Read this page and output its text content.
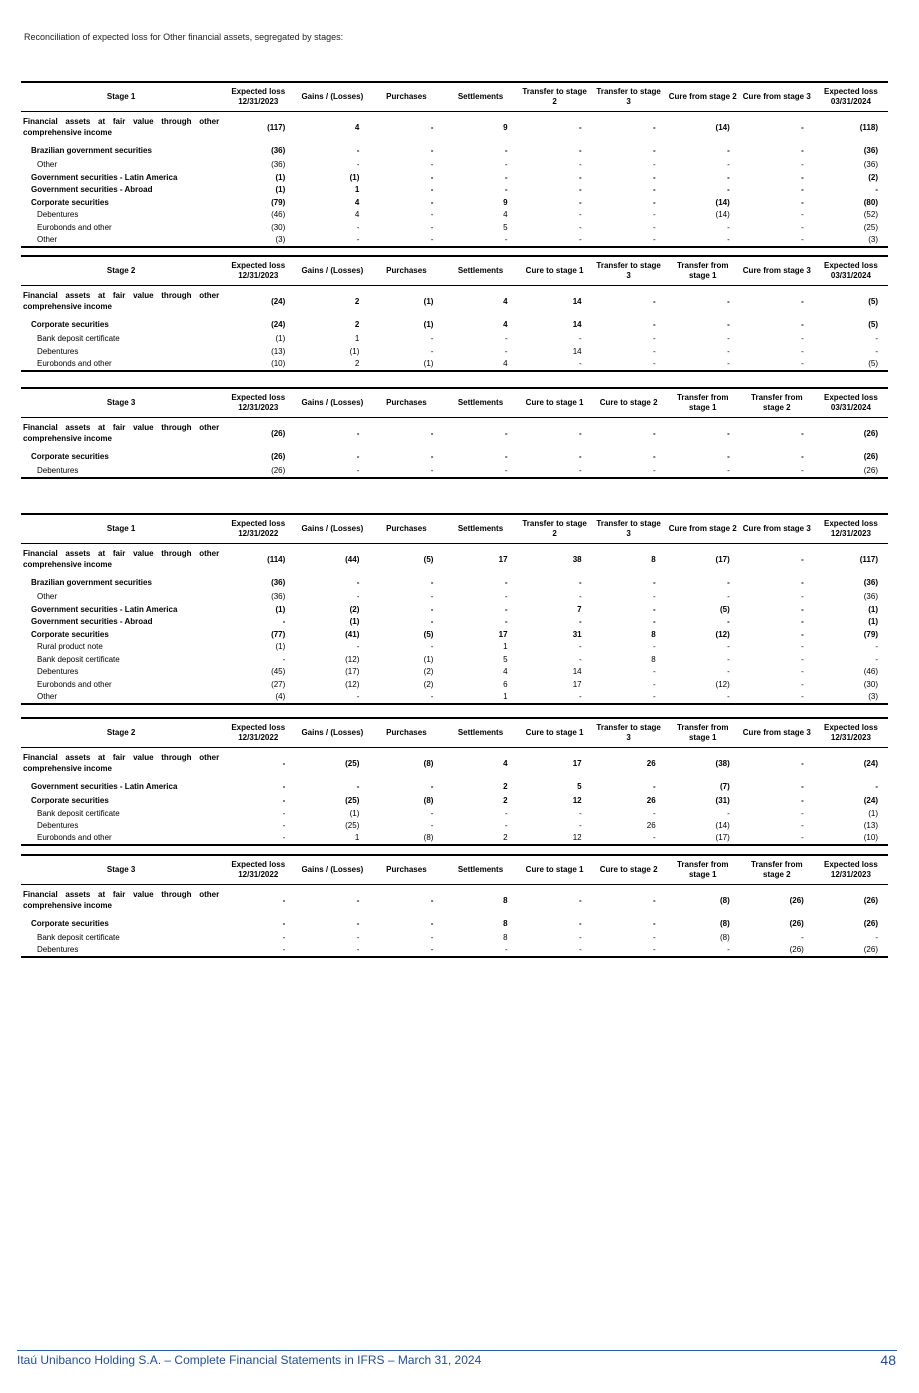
Reconciliation of expected loss for Other financial assets, segregated by stages:
Stage 1	Expected loss 12/31/2023	Gains / (Losses)	Purchases	Settlements	Transfer to stage 2	Transfer to stage 3	Cure from stage 2	Cure from stage 3	Expected loss 03/31/2024
Financial assets at fair value through other comprehensive income	(117)	4	-	9	-	-	(14)	-	(118)
Brazilian government securities	(36)	-	-	-	-	-	-	-	(36)
Other	(36)	-	-	-	-	-	-	-	(36)
Government securities - Latin America	(1)	(1)	-	-	-	-	-	-	(2)
Government securities - Abroad	(1)	1	-	-	-	-	-	-	-
Corporate securities	(79)	4	-	9	-	-	(14)	-	(80)
Debentures	(46)	4	-	4	-	-	(14)	-	(52)
Eurobonds and other	(30)	-	-	5	-	-	-	-	(25)
Other	(3)	-	-	-	-	-	-	-	(3)
Stage 2	Expected loss 12/31/2023	Gains / (Losses)	Purchases	Settlements	Cure to stage 1	Transfer to stage 3	Transfer from stage 1	Cure from stage 3	Expected loss 03/31/2024
Financial assets at fair value through other comprehensive income	(24)	2	(1)	4	14	-	-	-	(5)
Corporate securities	(24)	2	(1)	4	14	-	-	-	(5)
Bank deposit certificate	(1)	1	-	-	-	-	-	-	-
Debentures	(13)	(1)	-	-	14	-	-	-	-
Eurobonds and other	(10)	2	(1)	4	-	-	-	-	(5)
Stage 3	Expected loss 12/31/2023	Gains / (Losses)	Purchases	Settlements	Cure to stage 1	Cure to stage 2	Transfer from stage 1	Transfer from stage 2	Expected loss 03/31/2024
Financial assets at fair value through other comprehensive income	(26)	-	-	-	-	-	-	-	(26)
Corporate securities	(26)	-	-	-	-	-	-	-	(26)
Debentures	(26)	-	-	-	-	-	-	-	(26)
Stage 1	Expected loss 12/31/2022	Gains / (Losses)	Purchases	Settlements	Transfer to stage 2	Transfer to stage 3	Cure from stage 2	Cure from stage 3	Expected loss 12/31/2023
Financial assets at fair value through other comprehensive income	(114)	(44)	(5)	17	38	8	(17)	-	(117)
Brazilian government securities	(36)	-	-	-	-	-	-	-	(36)
Other	(36)	-	-	-	-	-	-	-	(36)
Government securities - Latin America	(1)	(2)	-	-	7	-	(5)	-	(1)
Government securities - Abroad	-	(1)	-	-	-	-	-	-	(1)
Corporate securities	(77)	(41)	(5)	17	31	8	(12)	-	(79)
Rural product note	(1)	-	-	1	-	-	-	-	-
Bank deposit certificate	-	(12)	(1)	5	-	8	-	-	-
Debentures	(45)	(17)	(2)	4	14	-	-	-	(46)
Eurobonds and other	(27)	(12)	(2)	6	17	-	(12)	-	(30)
Other	(4)	-	-	1	-	-	-	-	(3)
Stage 2	Expected loss 12/31/2022	Gains / (Losses)	Purchases	Settlements	Cure to stage 1	Transfer to stage 3	Transfer from stage 1	Cure from stage 3	Expected loss 12/31/2023
Financial assets at fair value through other comprehensive income	-	(25)	(8)	4	17	26	(38)	-	(24)
Government securities - Latin America	-	-	-	2	5	-	(7)	-	-
Corporate securities	-	(25)	(8)	2	12	26	(31)	-	(24)
Bank deposit certificate	-	(1)	-	-	-	-	-	-	(1)
Debentures	-	(25)	-	-	-	26	(14)	-	(13)
Eurobonds and other	-	1	(8)	2	12	-	(17)	-	(10)
Stage 3	Expected loss 12/31/2022	Gains / (Losses)	Purchases	Settlements	Cure to stage 1	Cure to stage 2	Transfer from stage 1	Transfer from stage 2	Expected loss 12/31/2023
Financial assets at fair value through other comprehensive income	-	-	-	8	-	-	(8)	(26)	(26)
Corporate securities	-	-	-	8	-	-	(8)	(26)	(26)
Bank deposit certificate	-	-	-	8	-	-	(8)	-	-
Debentures	-	-	-	-	-	-	-	(26)	(26)
Itaú Unibanco Holding S.A. – Complete Financial Statements in IFRS – March 31, 2024	48
